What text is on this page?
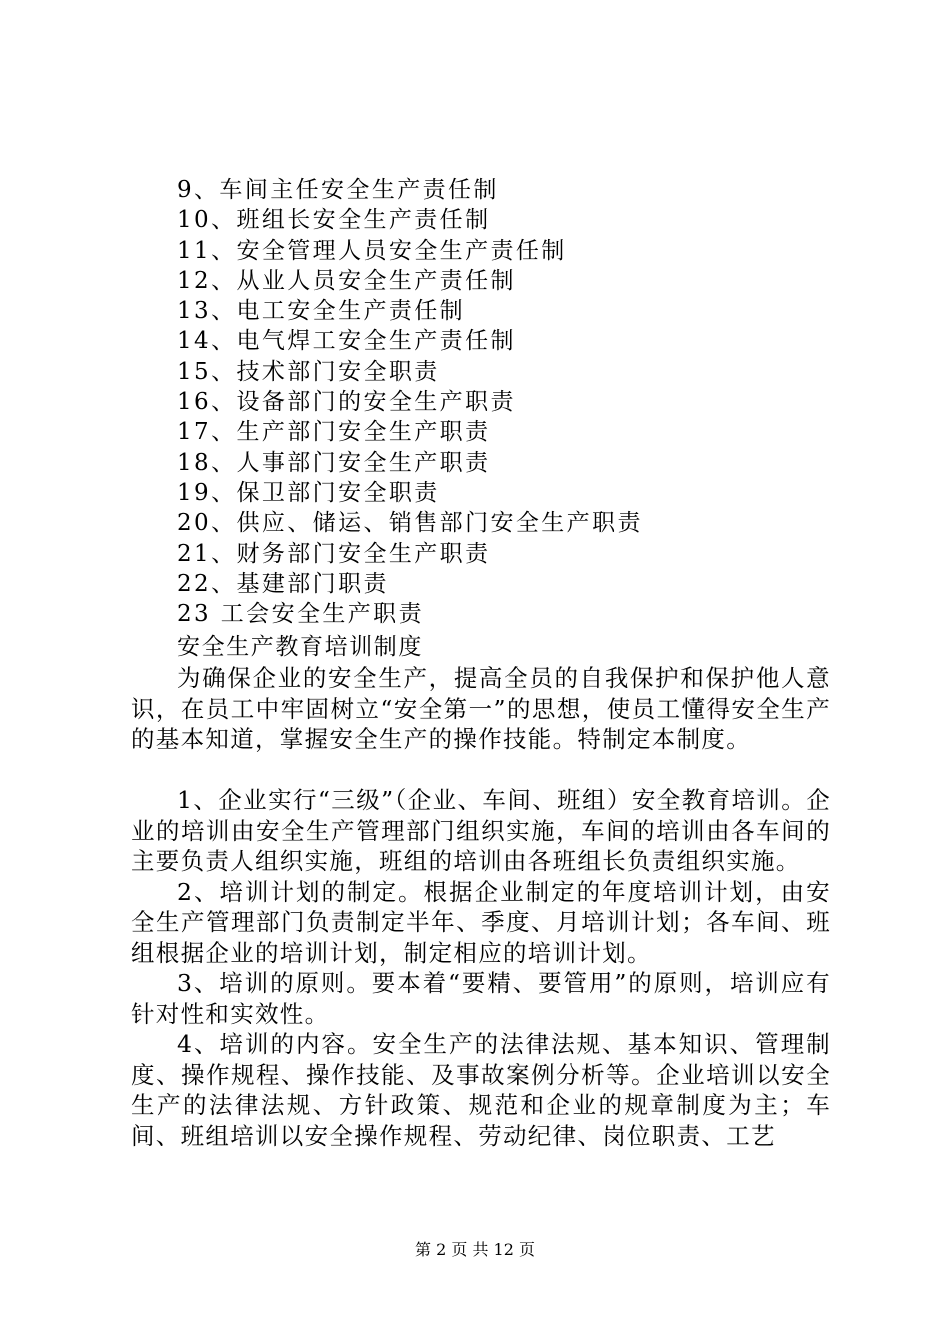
9、车间主任安全生产责任制
10、班组长安全生产责任制
11、安全管理人员安全生产责任制
12、从业人员安全生产责任制
13、电工安全生产责任制
14、电气焊工安全生产责任制
15、技术部门安全职责
16、设备部门的安全生产职责
17、生产部门安全生产职责
18、人事部门安全生产职责
19、保卫部门安全职责
20、供应、储运、销售部门安全生产职责
21、财务部门安全生产职责
22、基建部门职责
23 工会安全生产职责
安全生产教育培训制度

为确保企业的安全生产，提高全员的自我保护和保护他人意识，在员工中牢固树立“安全第一”的思想，使员工懂得安全生产的基本知道，掌握安全生产的操作技能。特制定本制度。

1、企业实行“三级”（企业、车间、班组）安全教育培训。企业的培训由安全生产管理部门组织实施，车间的培训由各车间的主要负责人组织实施，班组的培训由各班组长负责组织实施。

2、培训计划的制定。根据企业制定的年度培训计划，由安全生产管理部门负责制定半年、季度、月培训计划；各车间、班组根据企业的培训计划，制定相应的培训计划。

3、培训的原则。要本着“要精、要管用”的原则，培训应有针对性和实效性。

4、培训的内容。安全生产的法律法规、基本知识、管理制度、操作规程、操作技能、及事故案例分析等。企业培训以安全生产的法律法规、方针政策、规范和企业的规章制度为主；车间、班组培训以安全操作规程、劳动纪律、岗位职责、工艺

第 2 页 共 12 页
